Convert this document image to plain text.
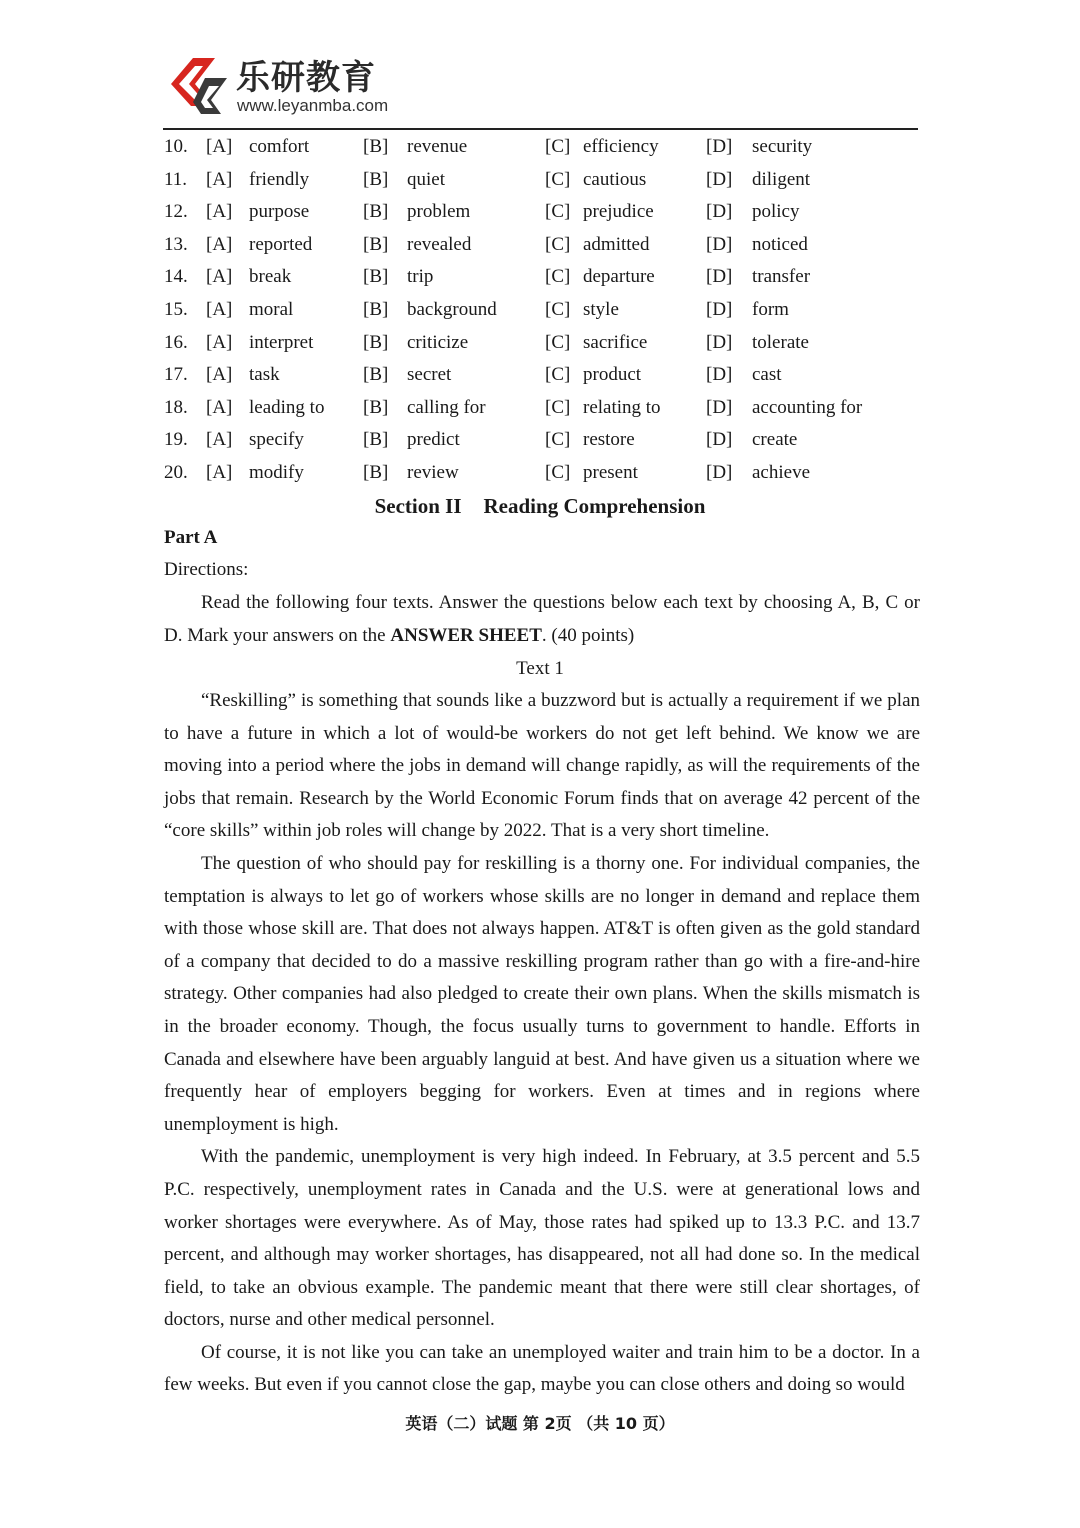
乐研教育
www.leyanmba.com
10. [A] comfort	[B] revenue	[C] efficiency [D] security
11. [A] friendly	[B] quiet	[C] cautious	[D] diligent
12. [A] purpose	[B] problem	[C] prejudice	[D] policy
13. [A] reported	[B] revealed	[C] admitted	[D] noticed
14. [A] break	[B] trip	[C] departure	[D] transfer
15. [A] moral	[B] background	[C] style	[D] form
16. [A] interpret	[B] criticize	[C] sacrifice	[D] tolerate
17. [A] task	[B] secret	[C] product	[D] cast
18. [A] leading to [B] calling for	[C] relating to [D] accounting for
19. [A] specify	[B] predict	[C] restore	[D] create
20. [A] modify	[B] review	[C] present	[D] achieve
Section II Reading Comprehension
Part A
Directions:

Read the following four texts. Answer the questions below each text by choosing A, B, C or D. Mark your answers on the ANSWER SHEET. (40 points)

Text 1

“Reskilling” is something that sounds like a buzzword but is actually a requirement if we plan to have a future in which a lot of would-be workers do not get left behind. We know we are moving into a period where the jobs in demand will change rapidly, as will the requirements of the jobs that remain. Research by the World Economic Forum finds that on average 42 percent of the “core skills” within job roles will change by 2022. That is a very short timeline.

The question of who should pay for reskilling is a thorny one. For individual companies, the temptation is always to let go of workers whose skills are no longer in demand and replace them with those whose skill are. That does not always happen. AT&T is often given as the gold standard of a company that decided to do a massive reskilling program rather than go with a fire-and-hire strategy. Other companies had also pledged to create their own plans. When the skills mismatch is in the broader economy. Though, the focus usually turns to government to handle. Efforts in Canada and elsewhere have been arguably languid at best. And have given us a situation where we frequently hear of employers begging for workers. Even at times and in regions where unemployment is high.

With the pandemic, unemployment is very high indeed. In February, at 3.5 percent and 5.5 P.C. respectively, unemployment rates in Canada and the U.S. were at generational lows and worker shortages were everywhere. As of May, those rates had spiked up to 13.3 P.C. and 13.7 percent, and although may worker shortages, has disappeared, not all had done so. In the medical field, to take an obvious example. The pandemic meant that there were still clear shortages, of doctors, nurse and other medical personnel.

Of course, it is not like you can take an unemployed waiter and train him to be a doctor. In a few weeks. But even if you cannot close the gap, maybe you can close others and doing so would

英语（二）试题 第 2页 （共 10 页）
